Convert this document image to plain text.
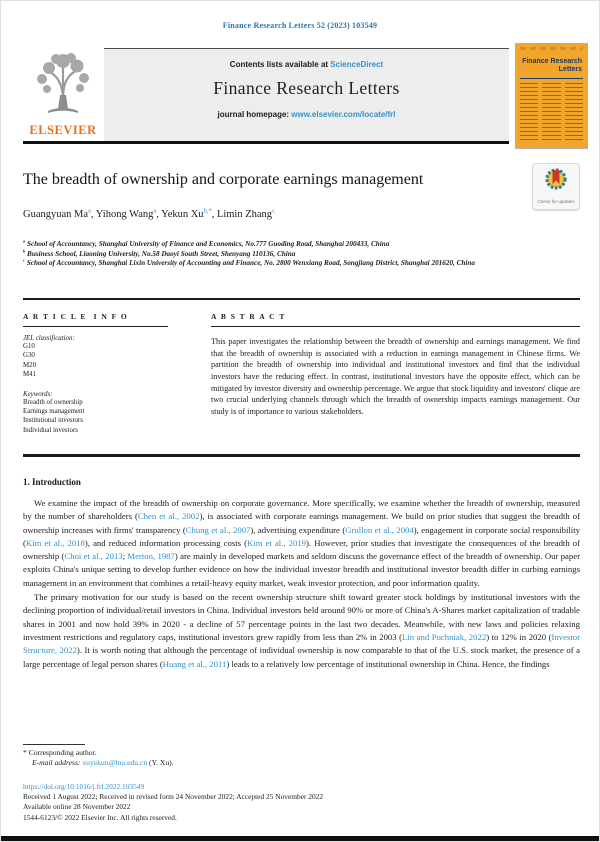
Finance Research Letters 52 (2023) 103549
ELSEVIER
Contents lists available at ScienceDirect
Finance Research Letters
journal homepage: www.elsevier.com/locate/frl
Finance Research Letters
The breadth of ownership and corporate earnings management
Check for updates
Guangyuan Ma$^a$, Yihong Wang$^a$, Yekun $Xu^{b,*}$, Limin Zhang$^c$
$^a$ School of Accountancy, Shanghai University of Finance and Economics, No.777 Guoding Road, Shanghai 200433, China
$^b$ Business School, Liaoning University, No.58 Daoyi South Street, Shenyang 110136, China
$^c$ School of Accountancy, Shanghai Lixin University of Accounting and Finance, No. 2800 Wenxiang Road, Songjiang District, Shanghai 201620, China
A R T I C L E  I N F O
JEL classification:
G10
G30
M20
M41
Keywords:
Breadth of ownership
Earnings management
Institutional investors
Individual investors
A B S T R A C T
This paper investigates the relationship between the breadth of ownership and earnings management. We find that the breadth of ownership is associated with a reduction in earnings management in Chinese firms. We partition the breadth of ownership into individual and institutional investors and find that the individual investors have the reducing effect. In contrast, institutional investors have the opposite effect, which can be mitigated by investor diversity and ownership percentage. We argue that stock liquidity and investors' clique are two crucial underlying channels through which the breadth of ownership impacts earnings management. Our study is of importance to various stakeholders.
1. Introduction

We examine the impact of the breadth of ownership on corporate governance. More specifically, we examine whether the breadth of ownership, measured by the number of shareholders (Chen et al., 2002), is associated with corporate earnings management. We build on prior studies that suggest the breadth of ownership increases with firms' transparency (Chung et al., 2007), advertising expenditure (Grullon et al., 2004), engagement in corporate social responsibility (Kim et al., 2018), and reduced information processing costs (Kim et al., 2019). However, prior studies that investigate the consequences of the breadth of ownership (Choi et al., 2013; Merton, 1987) are mainly in developed markets and seldom discuss the governance effect of the breadth of ownership. Our paper exploits China's unique setting to develop further evidence on how the individual investor breadth and institutional investor breadth differ in curbing earnings management in an environment that combines a retail-heavy equity market, weak investor protection, and poor information quality.

The primary motivation for our study is based on the recent ownership structure shift toward greater stock holdings by institutional investors with the declining proportion of individual/retail investors in China. Individual investors held around 90% or more of China's A-Shares market capitalization of tradable shares in 2001 and now hold 39% in 2020 - a decline of 57 percentage points in the last two decades. Meanwhile, with new laws and policies relaxing investment restrictions and regulatory caps, institutional investors grew rapidly from less than 2% in 2003 (Lin and Puchniak, 2022) to 12% in 2020 (Investor Structure, 2022). It is worth noting that although the percentage of individual ownership is now comparable to that of the U.S. stock market, the presence of a large percentage of legal person shares (Huang et al., 2011) leads to a relatively low percentage of institutional ownership in China. Hence, the findings

* Corresponding author.
E-mail address: xuyekun@lnu.edu.cn (Y. Xu).
https://doi.org/10.1016/j.frl.2022.103549
Received 1 August 2022; Received in revised form 24 November 2022; Accepted 25 November 2022
Available online 28 November 2022
1544-6123/© 2022 Elsevier Inc. All rights reserved.
